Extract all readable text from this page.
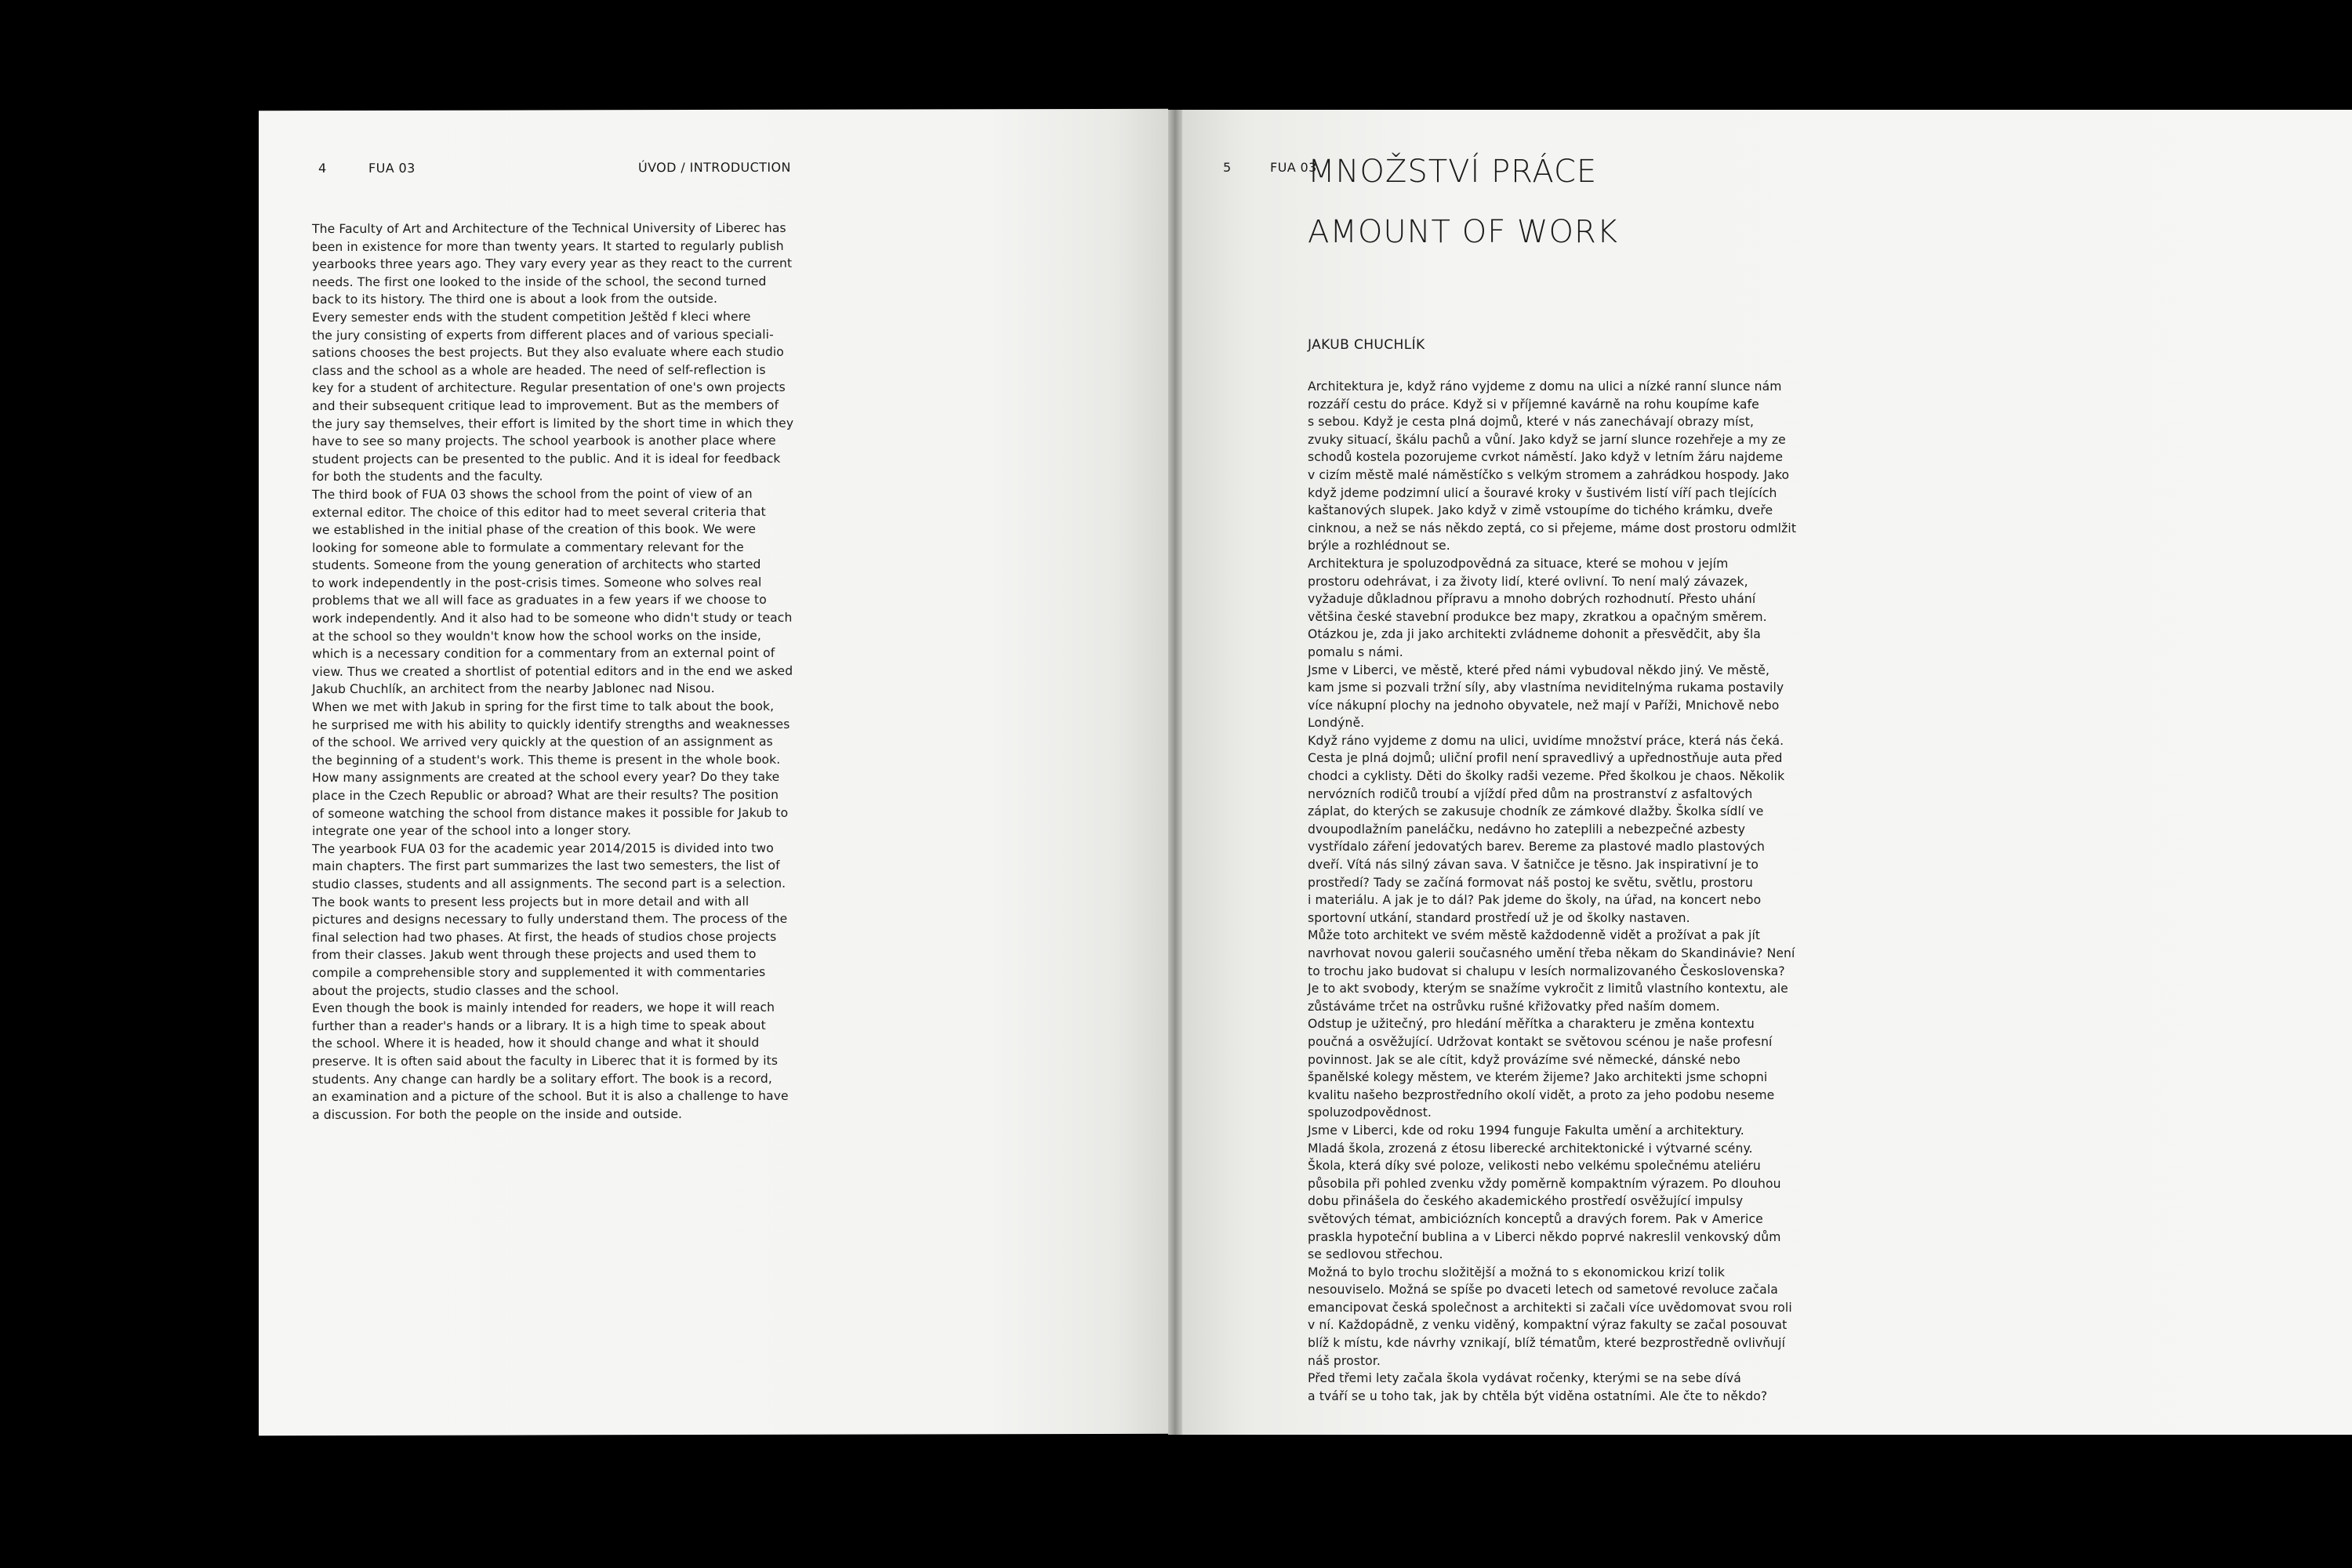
4	FUA 03	ÚVOD / INTRODUCTION
The Faculty of Art and Architecture of the Technical University of Liberec has
been in existence for more than twenty years. It started to regularly publish
yearbooks three years ago. They vary every year as they react to the current
needs. The first one looked to the inside of the school, the second turned
back to its history. The third one is about a look from the outside.
Every semester ends with the student competition Ještěd f kleci where
the jury consisting of experts from different places and of various speciali-
sations chooses the best projects. But they also evaluate where each studio
class and the school as a whole are headed. The need of self-reflection is
key for a student of architecture. Regular presentation of one's own projects
and their subsequent critique lead to improvement. But as the members of
the jury say themselves, their effort is limited by the short time in which they
have to see so many projects. The school yearbook is another place where
student projects can be presented to the public. And it is ideal for feedback
for both the students and the faculty.
The third book of FUA 03 shows the school from the point of view of an
external editor. The choice of this editor had to meet several criteria that
we established in the initial phase of the creation of this book. We were
looking for someone able to formulate a commentary relevant for the
students. Someone from the young generation of architects who started
to work independently in the post-crisis times. Someone who solves real
problems that we all will face as graduates in a few years if we choose to
work independently. And it also had to be someone who didn't study or teach
at the school so they wouldn't know how the school works on the inside,
which is a necessary condition for a commentary from an external point of
view. Thus we created a shortlist of potential editors and in the end we asked
Jakub Chuchlík, an architect from the nearby Jablonec nad Nisou.
When we met with Jakub in spring for the first time to talk about the book,
he surprised me with his ability to quickly identify strengths and weaknesses
of the school. We arrived very quickly at the question of an assignment as
the beginning of a student's work. This theme is present in the whole book.
How many assignments are created at the school every year? Do they take
place in the Czech Republic or abroad? What are their results? The position
of someone watching the school from distance makes it possible for Jakub to
integrate one year of the school into a longer story.
The yearbook FUA 03 for the academic year 2014/2015 is divided into two
main chapters. The first part summarizes the last two semesters, the list of
studio classes, students and all assignments. The second part is a selection.
The book wants to present less projects but in more detail and with all
pictures and designs necessary to fully understand them. The process of the
final selection had two phases. At first, the heads of studios chose projects
from their classes. Jakub went through these projects and used them to
compile a comprehensible story and supplemented it with commentaries
about the projects, studio classes and the school.
Even though the book is mainly intended for readers, we hope it will reach
further than a reader's hands or a library. It is a high time to speak about
the school. Where it is headed, how it should change and what it should
preserve. It is often said about the faculty in Liberec that it is formed by its
students. Any change can hardly be a solitary effort. The book is a record,
an examination and a picture of the school. But it is also a challenge to have
a discussion. For both the people on the inside and outside.
5	FUA 03
MNOŽSTVÍ PRÁCE
AMOUNT OF WORK
JAKUB CHUCHLÍK
Architektura je, když ráno vyjdeme z domu na ulici a nízké ranní slunce nám
rozzáří cestu do práce. Když si v příjemné kavárně na rohu koupíme kafe
s sebou. Když je cesta plná dojmů, které v nás zanechávají obrazy míst,
zvuky situací, škálu pachů a vůní. Jako když se jarní slunce rozehřeje a my ze
schodů kostela pozorujeme cvrkot náměstí. Jako když v letním žáru najdeme
v cizím městě malé náměstíčko s velkým stromem a zahrádkou hospody. Jako
když jdeme podzimní ulicí a šouravé kroky v šustivém listí víří pach tlejících
kaštanových slupek. Jako když v zimě vstoupíme do tichého krámku, dveře
cinknou, a než se nás někdo zeptá, co si přejeme, máme dost prostoru odmlžit
brýle a rozhlédnout se.
Architektura je spoluzodpovědná za situace, které se mohou v jejím
prostoru odehrávat, i za životy lidí, které ovlivní. To není malý závazek,
vyžaduje důkladnou přípravu a mnoho dobrých rozhodnutí. Přesto uhání
většina české stavební produkce bez mapy, zkratkou a opačným směrem.
Otázkou je, zda ji jako architekti zvládneme dohonit a přesvědčit, aby šla
pomalu s námi.
Jsme v Liberci, ve městě, které před námi vybudoval někdo jiný. Ve městě,
kam jsme si pozvali tržní síly, aby vlastníma neviditelnýma rukama postavily
více nákupní plochy na jednoho obyvatele, než mají v Paříži, Mnichově nebo
Londýně.
Když ráno vyjdeme z domu na ulici, uvidíme množství práce, která nás čeká.
Cesta je plná dojmů; uliční profil není spravedlivý a upřednostňuje auta před
chodci a cyklisty. Děti do školky radši vezeme. Před školkou je chaos. Několik
nervózních rodičů troubí a vjíždí před dům na prostranství z asfaltových
záplat, do kterých se zakusuje chodník ze zámkové dlažby. Školka sídlí ve
dvoupodlažním paneláčku, nedávno ho zateplili a nebezpečné azbesty
vystřídalo záření jedovatých barev. Bereme za plastové madlo plastových
dveří. Vítá nás silný závan sava. V šatničce je těsno. Jak inspirativní je to
prostředí? Tady se začíná formovat náš postoj ke světu, světlu, prostoru
i materiálu. A jak je to dál? Pak jdeme do školy, na úřad, na koncert nebo
sportovní utkání, standard prostředí už je od školky nastaven.
Může toto architekt ve svém městě každodenně vidět a prožívat a pak jít
navrhovat novou galerii současného umění třeba někam do Skandinávie? Není
to trochu jako budovat si chalupu v lesích normalizovaného Československa?
Je to akt svobody, kterým se snažíme vykročit z limitů vlastního kontextu, ale
zůstáváme trčet na ostrůvku rušné křižovatky před naším domem.
Odstup je užitečný, pro hledání měřítka a charakteru je změna kontextu
poučná a osvěžující. Udržovat kontakt se světovou scénou je naše profesní
povinnost. Jak se ale cítit, když provázíme své německé, dánské nebo
španělské kolegy městem, ve kterém žijeme? Jako architekti jsme schopni
kvalitu našeho bezprostředního okolí vidět, a proto za jeho podobu neseme
spoluzodpovědnost.
Jsme v Liberci, kde od roku 1994 funguje Fakulta umění a architektury.
Mladá škola, zrozená z étosu liberecké architektonické i výtvarné scény.
Škola, která díky své poloze, velikosti nebo velkému společnému ateliéru
působila při pohled zvenku vždy poměrně kompaktním výrazem. Po dlouhou
dobu přinášela do českého akademického prostředí osvěžující impulsy
světových témat, ambiciózních konceptů a dravých forem. Pak v Americe
praskla hypoteční bublina a v Liberci někdo poprvé nakreslil venkovský dům
se sedlovou střechou.
Možná to bylo trochu složitější a možná to s ekonomickou krizí tolik
nesouviselo. Možná se spíše po dvaceti letech od sametové revoluce začala
emancipovat česká společnost a architekti si začali více uvědomovat svou roli
v ní. Každopádně, z venku viděný, kompaktní výraz fakulty se začal posouvat
blíž k místu, kde návrhy vznikají, blíž tématům, které bezprostředně ovlivňují
náš prostor.
Před třemi lety začala škola vydávat ročenky, kterými se na sebe dívá
a tváří se u toho tak, jak by chtěla být viděna ostatními. Ale čte to někdo?
